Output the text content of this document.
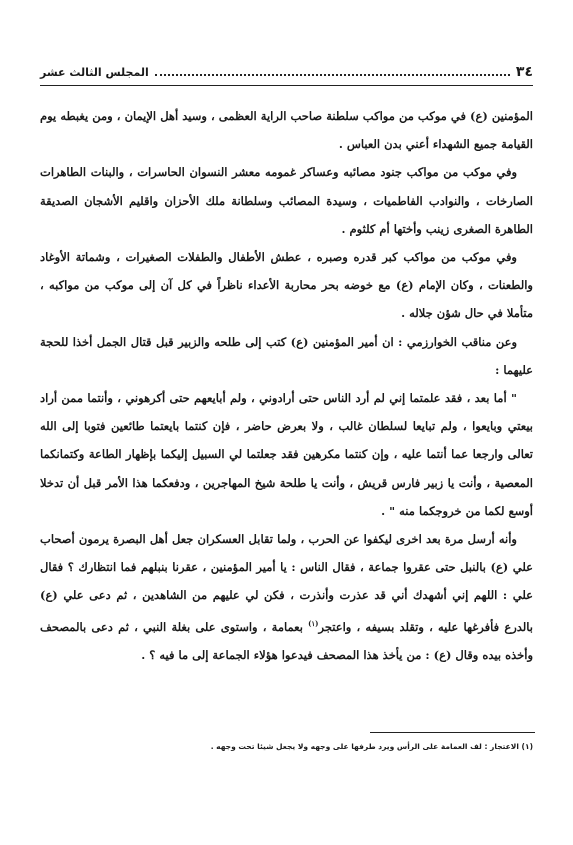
٣٤
المجلس الثالث عشر

المؤمنين (ع) في موكب من مواكب سلطنة صاحب الراية العظمى ، وسيد أهل الإيمان ، ومن يغبطه يوم القيامة جميع الشهداء أعني بدن العباس .

وفي موكب من مواكب جنود مصائبه وعساكر غمومه معشر النسوان الحاسرات ، والبنات الطاهرات الصارخات ، والنوادب الفاطميات ، وسيدة المصائب وسلطانة ملك الأحزان واقليم الأشجان الصديقة الطاهرة الصغرى زينب وأختها أم كلثوم .

وفي موكب من مواكب كبر قدره وصبره ، عطش الأطفال والطفلات الصغيرات ، وشماتة الأوغاد والطعنات ، وكان الإمام (ع) مع خوضه بحر محاربة الأعداء ناظراً في كل آن إلى موكب من مواكبه ، متأملا في حال شؤن جلاله .

وعن مناقب الخوارزمي : ان أمير المؤمنين (ع) كتب إلى طلحه والزبير قبل قتال الجمل أخذا للحجة عليهما :

" أما بعد ، فقد علمتما إني لم أرد الناس حتى أرادوني ، ولم أبايعهم حتى أكرهوني ، وأنتما ممن أراد بيعتي وبايعوا ، ولم تبايعا لسلطان غالب ، ولا بعرض حاضر ، فإن كنتما بايعتما طائعين فتوبا إلى الله تعالى وارجعا عما أنتما عليه ، وإن كنتما مكرهين فقد جعلتما لي السبيل إليكما بإظهار الطاعة وكتمانكما المعصية ، وأنت يا زبير فارس قريش ، وأنت يا طلحة شيخ المهاجرين ، ودفعكما هذا الأمر قبل أن تدخلا أوسع لكما من خروجكما منه " .

وأنه أرسل مرة بعد اخرى ليكفوا عن الحرب ، ولما تقابل العسكران جعل أهل البصرة يرمون أصحاب علي (ع) بالنبل حتى عقروا جماعة ، فقال الناس : يا أمير المؤمنين ، عقرنا بنبلهم فما انتظارك ؟ فقال علي : اللهم إني أشهدك أني قد عذرت وأنذرت ، فكن لي عليهم من الشاهدين ، ثم دعى علي (ع) بالدرع فأفرغها عليه ، وتقلد بسيفه ، واعتجر$^{(١)}$ بعمامة ، واستوى على بغلة النبي ، ثم دعى بالمصحف وأخذه بيده وقال (ع) : من يأخذ هذا المصحف فيدعوا هؤلاء الجماعة إلى ما فيه ؟ .

(١) الاعتجار : لف العمامة على الرأس ويرد طرفها على وجهه ولا يجعل شيئا تحت وجهه .
